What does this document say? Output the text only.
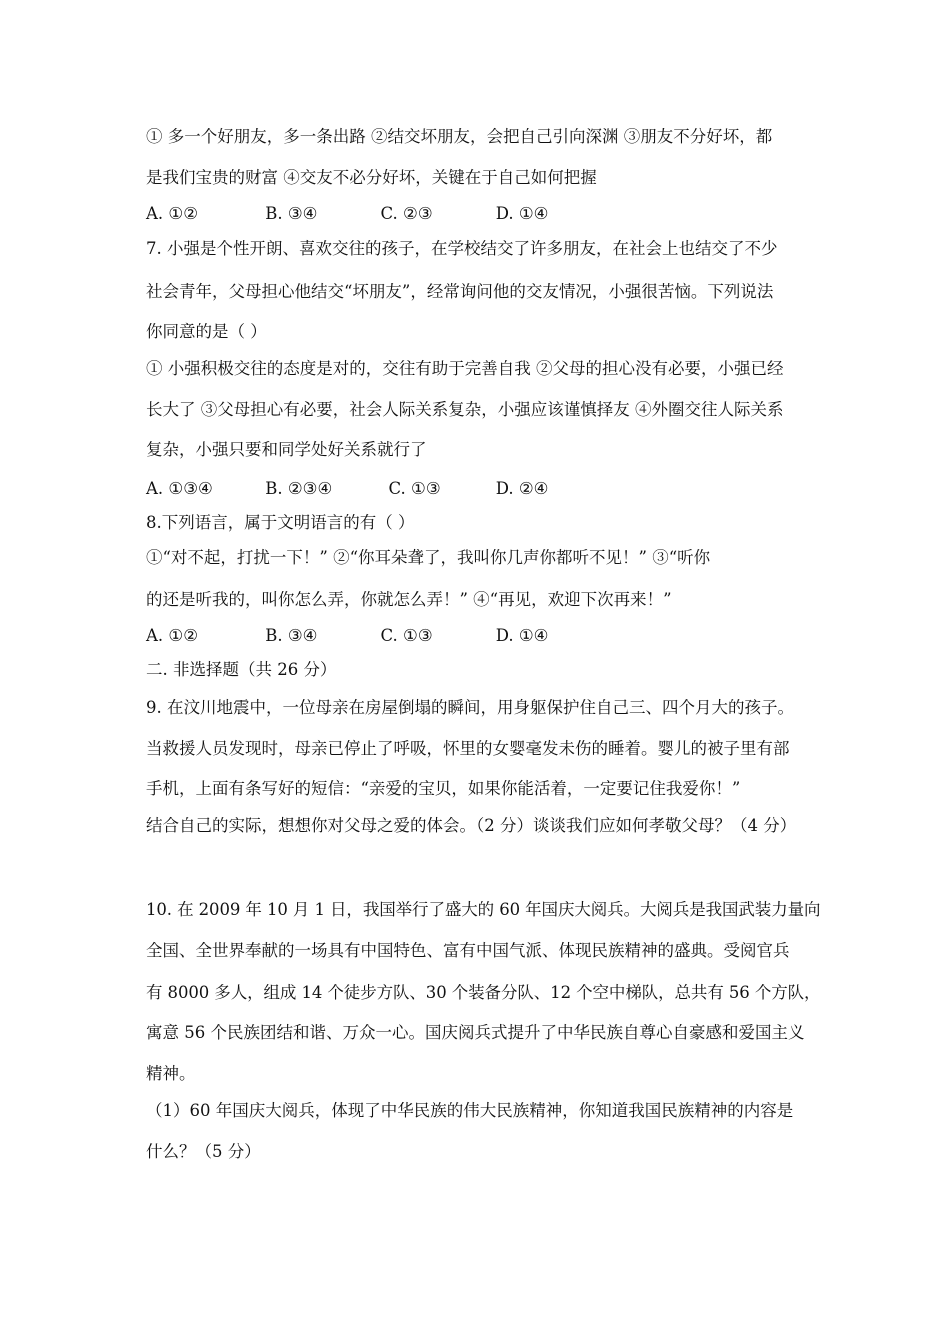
① 多一个好朋友，多一条出路 ②结交坏朋友，会把自己引向深渊 ③朋友不分好坏，都
是我们宝贵的财富 ④交友不必分好坏，关键在于自己如何把握
A. ①②	B. ③④	C. ②③	D. ①④
7. 小强是个性开朗、喜欢交往的孩子，在学校结交了许多朋友，在社会上也结交了不少
社会青年，父母担心他结交“坏朋友”，经常询问他的交友情况，小强很苦恼。下列说法
你同意的是（ ）
① 小强积极交往的态度是对的，交往有助于完善自我 ②父母的担心没有必要，小强已经
长大了 ③父母担心有必要，社会人际关系复杂，小强应该谨慎择友 ④外圈交往人际关系
复杂，小强只要和同学处好关系就行了
A. ①③④	B. ②③④	C. ①③	D. ②④
8.下列语言，属于文明语言的有（ ）
①“对不起，打扰一下！” ②“你耳朵聋了，我叫你几声你都听不见！” ③“听你
的还是听我的，叫你怎么弄，你就怎么弄！” ④“再见，欢迎下次再来！”
A. ①②	B. ③④	C. ①③	D. ①④
二. 非选择题（共 26 分）
9. 在汶川地震中，一位母亲在房屋倒塌的瞬间，用身躯保护住自己三、四个月大的孩子。
当救援人员发现时，母亲已停止了呼吸，怀里的女婴毫发未伤的睡着。婴儿的被子里有部
手机，上面有条写好的短信：“亲爱的宝贝，如果你能活着，一定要记住我爱你！”
结合自己的实际，想想你对父母之爱的体会。（2 分）谈谈我们应如何孝敬父母？（4 分）
10. 在 2009 年 10 月 1 日，我国举行了盛大的 60 年国庆大阅兵。大阅兵是我国武装力量向
全国、全世界奉献的一场具有中国特色、富有中国气派、体现民族精神的盛典。受阅官兵
有 8000 多人，组成 14 个徒步方队、30 个装备分队、12 个空中梯队，总共有 56 个方队，
寓意 56 个民族团结和谐、万众一心。国庆阅兵式提升了中华民族自尊心自豪感和爱国主义
精神。
（1）60 年国庆大阅兵，体现了中华民族的伟大民族精神，你知道我国民族精神的内容是
什么？（5 分）
